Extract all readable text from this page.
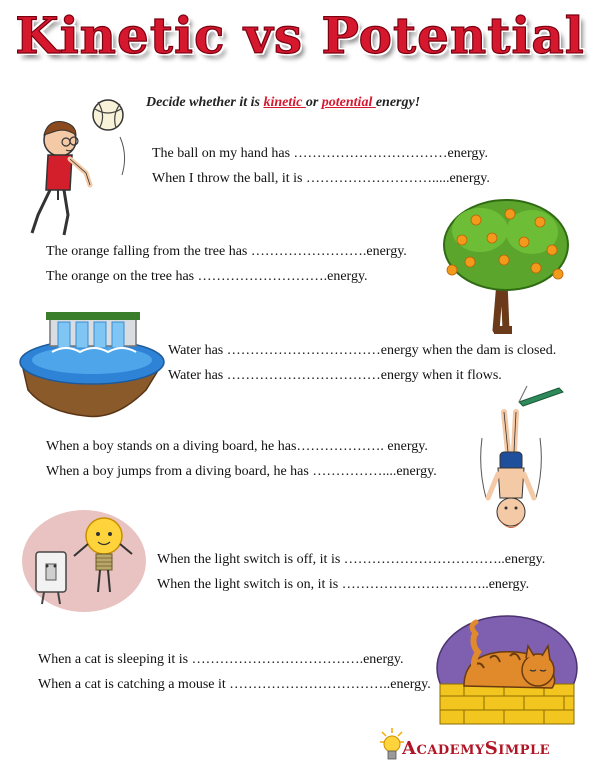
Kinetic vs Potential
Decide whether it is kinetic or potential energy!
The ball on my hand has ……………………………energy.
When I throw the ball, it is ……………………….....energy.
The orange falling from the tree has …………………….energy.
The orange on the tree has ……………………….energy.
Water has ……………………………energy when the dam is closed.
Water has ……………………………energy when it flows.
When a boy stands on a diving board, he has………………. energy.
When a boy jumps from a diving board, he has ……………....energy.
When the light switch is off, it is ……………………………..energy.
When the light switch is on, it is …………………………..energy.
When a cat is sleeping it is ……………………………….energy.
When a cat is catching a mouse it ……………………………..energy.
AcademySimple
